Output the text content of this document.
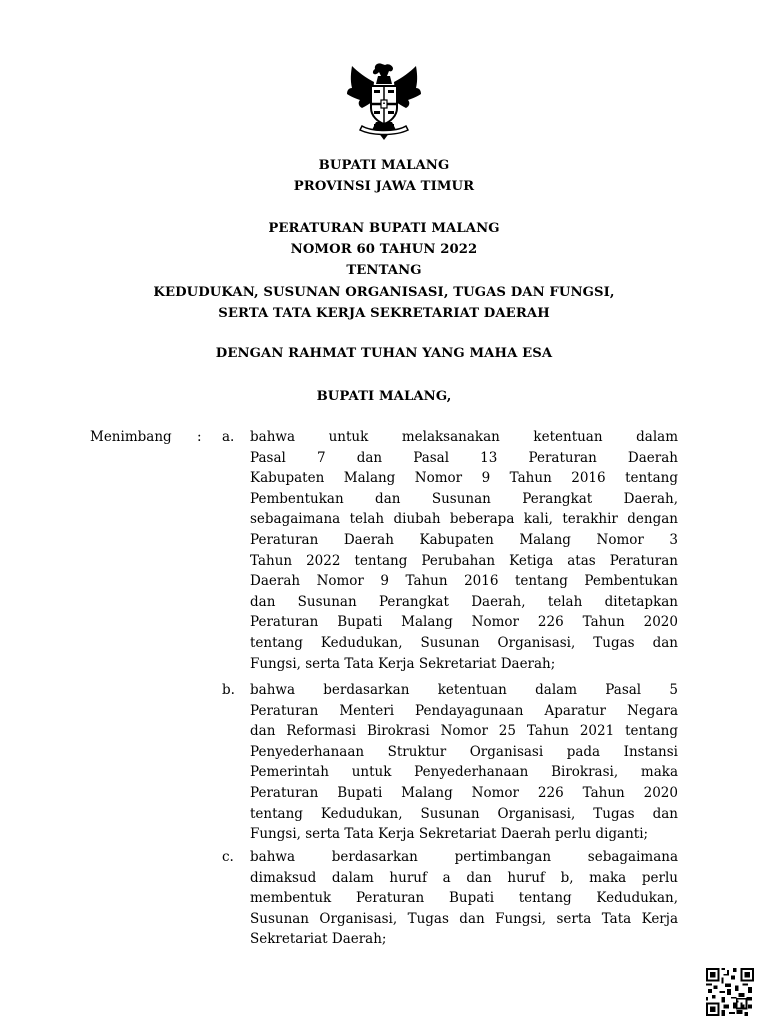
BUPATI MALANG
PROVINSI JAWA TIMUR
PERATURAN BUPATI MALANG
NOMOR 60 TAHUN 2022
TENTANG
KEDUDUKAN, SUSUNAN ORGANISASI, TUGAS DAN FUNGSI,
SERTA TATA KERJA SEKRETARIAT DAERAH
DENGAN RAHMAT TUHAN YANG MAHA ESA
BUPATI MALANG,
Menimbang : a. bahwa untuk melaksanakan ketentuan dalam
Pasal 7 dan Pasal 13 Peraturan Daerah
Kabupaten Malang Nomor 9 Tahun 2016 tentang
Pembentukan dan Susunan Perangkat Daerah,
sebagaimana telah diubah beberapa kali, terakhir dengan
Peraturan Daerah Kabupaten Malang Nomor 3
Tahun 2022 tentang Perubahan Ketiga atas Peraturan
Daerah Nomor 9 Tahun 2016 tentang Pembentukan
dan Susunan Perangkat Daerah, telah ditetapkan
Peraturan Bupati Malang Nomor 226 Tahun 2020
tentang Kedudukan, Susunan Organisasi, Tugas dan
Fungsi, serta Tata Kerja Sekretariat Daerah;
b. bahwa berdasarkan ketentuan dalam Pasal 5
Peraturan Menteri Pendayagunaan Aparatur Negara
dan Reformasi Birokrasi Nomor 25 Tahun 2021 tentang
Penyederhanaan Struktur Organisasi pada Instansi
Pemerintah untuk Penyederhanaan Birokrasi, maka
Peraturan Bupati Malang Nomor 226 Tahun 2020
tentang Kedudukan, Susunan Organisasi, Tugas dan
Fungsi, serta Tata Kerja Sekretariat Daerah perlu diganti;
c. bahwa berdasarkan pertimbangan sebagaimana
dimaksud dalam huruf a dan huruf b, maka perlu
membentuk Peraturan Bupati tentang Kedudukan,
Susunan Organisasi, Tugas dan Fungsi, serta Tata Kerja
Sekretariat Daerah;
